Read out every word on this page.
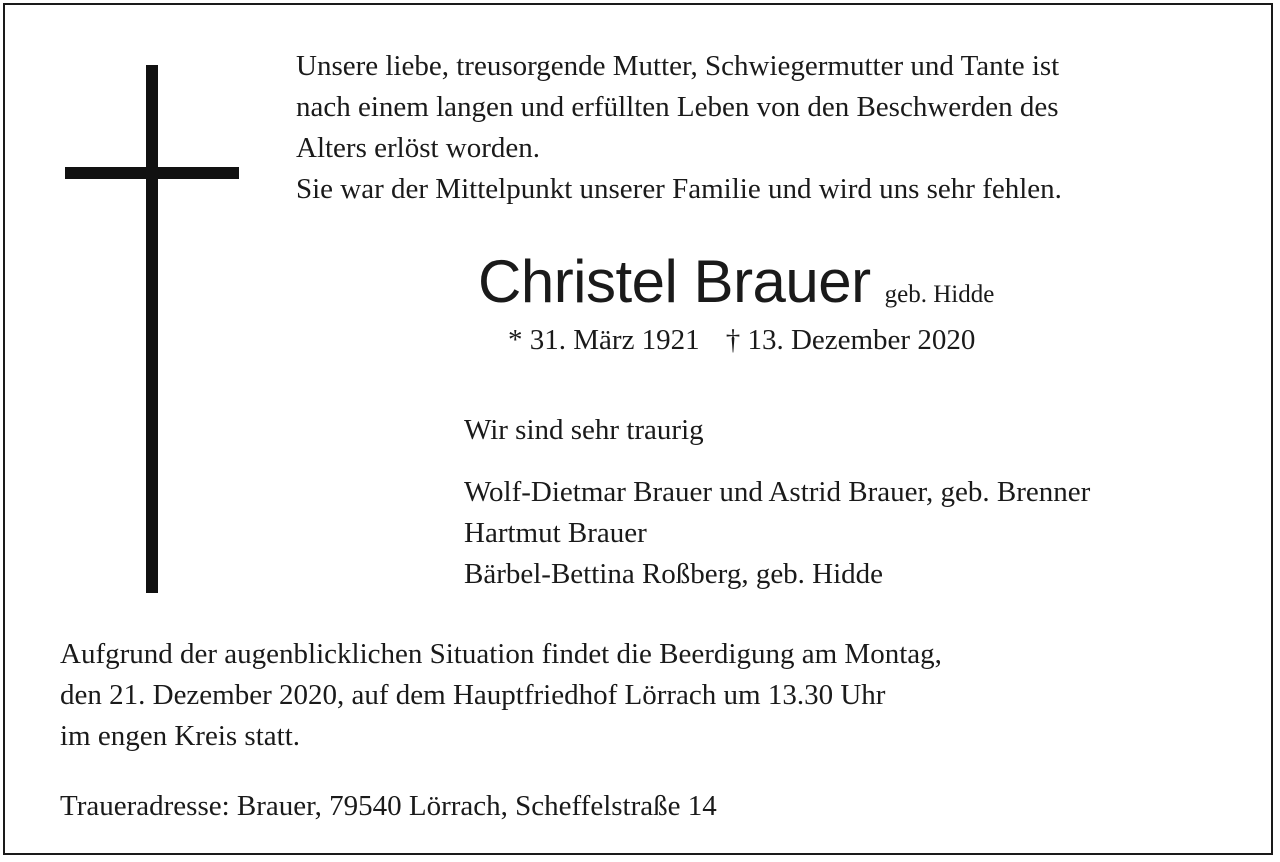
Unsere liebe, treusorgende Mutter, Schwiegermutter und Tante ist
nach einem langen und erfüllten Leben von den Beschwerden des
Alters erlöst worden.
Sie war der Mittelpunkt unserer Familie und wird uns sehr fehlen.
Christel Brauer geb. Hidde
* 31. März 1921 † 13. Dezember 2020
Wir sind sehr traurig
Wolf-Dietmar Brauer und Astrid Brauer, geb. Brenner
Hartmut Brauer
Bärbel-Bettina Roßberg, geb. Hidde
Aufgrund der augenblicklichen Situation findet die Beerdigung am Montag,
den 21. Dezember 2020, auf dem Hauptfriedhof Lörrach um 13.30 Uhr
im engen Kreis statt.
Traueradresse: Brauer, 79540 Lörrach, Scheffelstraße 14
